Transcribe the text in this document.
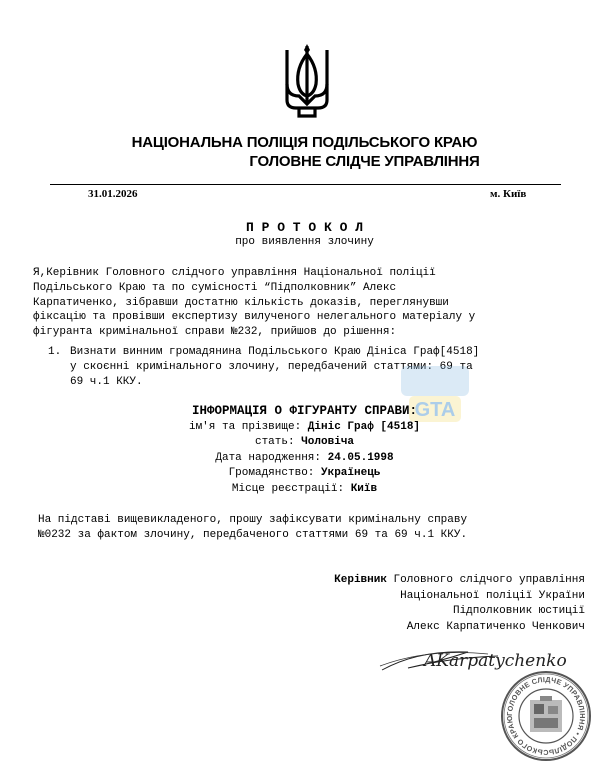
НАЦІОНАЛЬНА ПОЛІЦІЯ ПОДІЛЬСЬКОГО КРАЮ
ГОЛОВНЕ СЛІДЧЕ УПРАВЛІННЯ
31.01.2026	м. Київ
П Р О Т О К О Л
про виявлення злочину
Я,Керівник Головного слідчого управління Національної поліції
Подільського Краю та по сумісності “Підполковник” Алекс
Карпатиченко, зібравши достатню кількість доказів, переглянувши
фіксацію та провівши експертизу вилученого нелегального матеріалу у
фігуранта кримінальної справи №232, прийшов до рішення:
1. Визнати винним громадянина Подільського Краю Дініса Граф[4518]
у скоєнні кримінального злочину, передбачений статтями:  та
69 ч.1 ККУ.
GTA
ІНФОРМАЦІЯ О ФІГУРАНТУ СПРАВИ:
ім'я та прізвище: Дініс Граф [4518]
стать: Чоловіча
Дата народження: 24.05.1998
Громадянство: Українець
Місце реєстрації: Київ
На підставі вищевикладеного, прошу зафіксувати кримінальну справу
№0232 за фактом злочину, передбаченого статтями 69 та 69 ч.1 ККУ.
Керівник Головного слідчого управління
Національної поліції України
Підполковник юстиції
Алекс Карпатиченко Ченкович
AKarpatychenko
ГОЛОВНЕ СЛІДЧЕ УПРАВЛІННЯ • ПОДІЛЬСЬКОГО КРАЮ
